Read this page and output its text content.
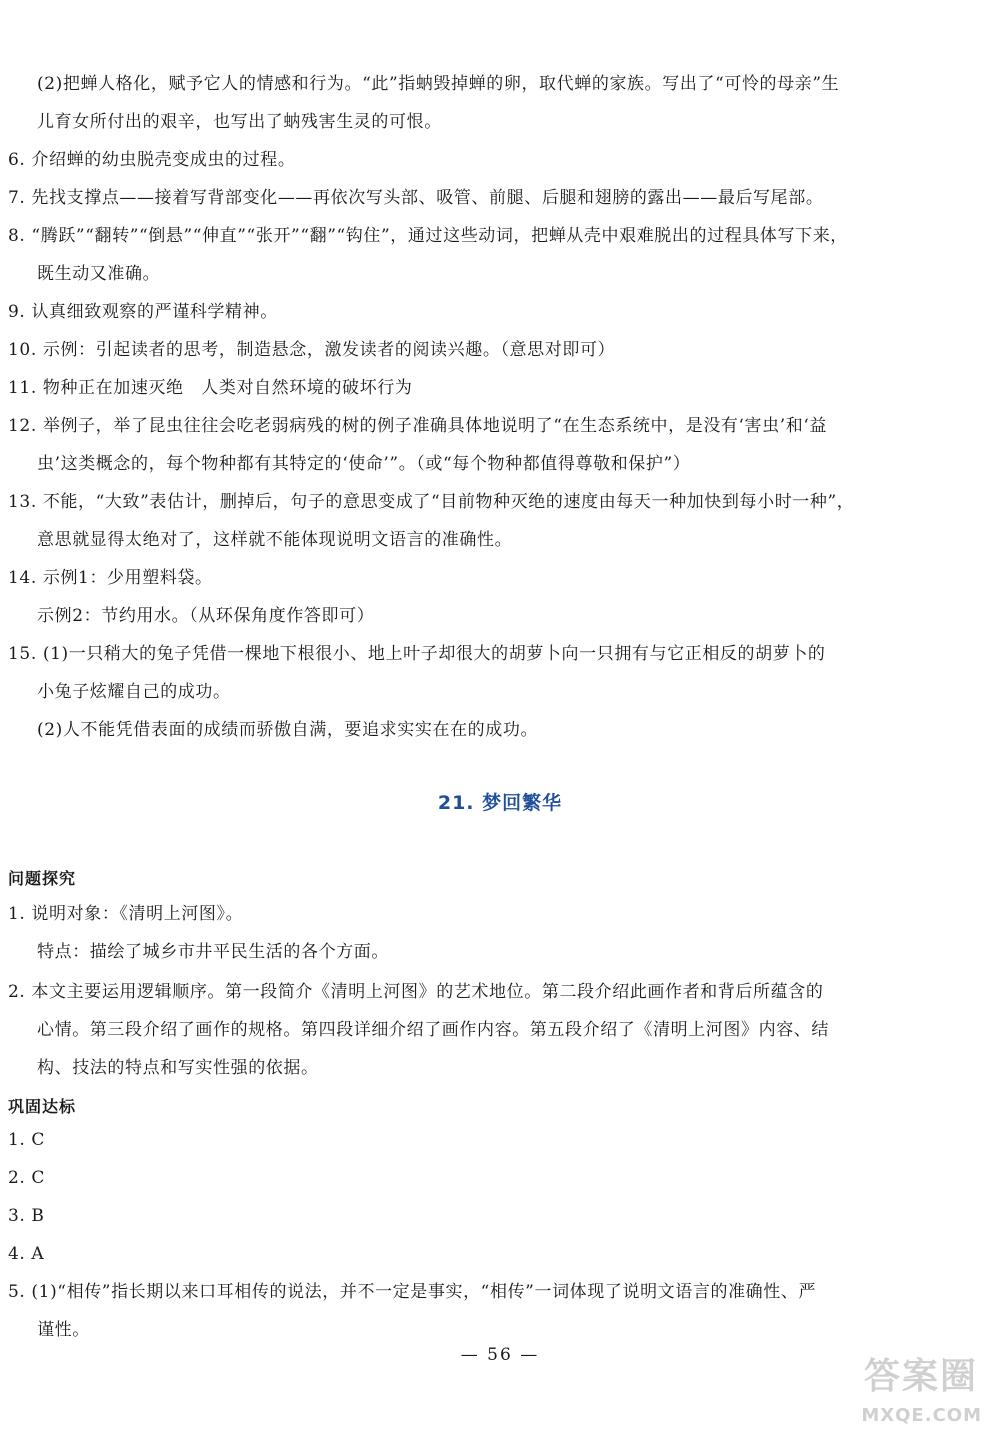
(2)把蝉人格化，赋予它人的情感和行为。“此”指蚋毁掉蝉的卵，取代蝉的家族。写出了“可怜的母亲”生
儿育女所付出的艰辛，也写出了蚋残害生灵的可恨。
6. 介绍蝉的幼虫脱壳变成虫的过程。
7. 先找支撑点——接着写背部变化——再依次写头部、吸管、前腿、后腿和翅膀的露出——最后写尾部。
8. “腾跃”“翻转”“倒悬”“伸直”“张开”“翻”“钩住”，通过这些动词，把蝉从壳中艰难脱出的过程具体写下来，
既生动又准确。
9. 认真细致观察的严谨科学精神。
10. 示例：引起读者的思考，制造悬念，激发读者的阅读兴趣。（意思对即可）
11. 物种正在加速灭绝　人类对自然环境的破坏行为
12. 举例子，举了昆虫往往会吃老弱病残的树的例子准确具体地说明了“在生态系统中，是没有‘害虫’和‘益
虫’这类概念的，每个物种都有其特定的‘使命’”。（或“每个物种都值得尊敬和保护”）
13. 不能，“大致”表估计，删掉后，句子的意思变成了“目前物种灭绝的速度由每天一种加快到每小时一种”，
意思就显得太绝对了，这样就不能体现说明文语言的准确性。
14. 示例1：少用塑料袋。
示例2：节约用水。（从环保角度作答即可）
15. (1)一只稍大的兔子凭借一棵地下根很小、地上叶子却很大的胡萝卜向一只拥有与它正相反的胡萝卜的
小兔子炫耀自己的成功。
(2)人不能凭借表面的成绩而骄傲自满，要追求实实在在的成功。
21. 梦回繁华
问题探究
1. 说明对象：《清明上河图》。
特点：描绘了城乡市井平民生活的各个方面。
2. 本文主要运用逻辑顺序。第一段简介《清明上河图》的艺术地位。第二段介绍此画作者和背后所蕴含的
心情。第三段介绍了画作的规格。第四段详细介绍了画作内容。第五段介绍了《清明上河图》内容、结
构、技法的特点和写实性强的依据。
巩固达标
1. C
2. C
3. B
4. A
5. (1)“相传”指长期以来口耳相传的说法，并不一定是事实，“相传”一词体现了说明文语言的准确性、严
谨性。
— 56 —
答案圈
MXQE.COM
